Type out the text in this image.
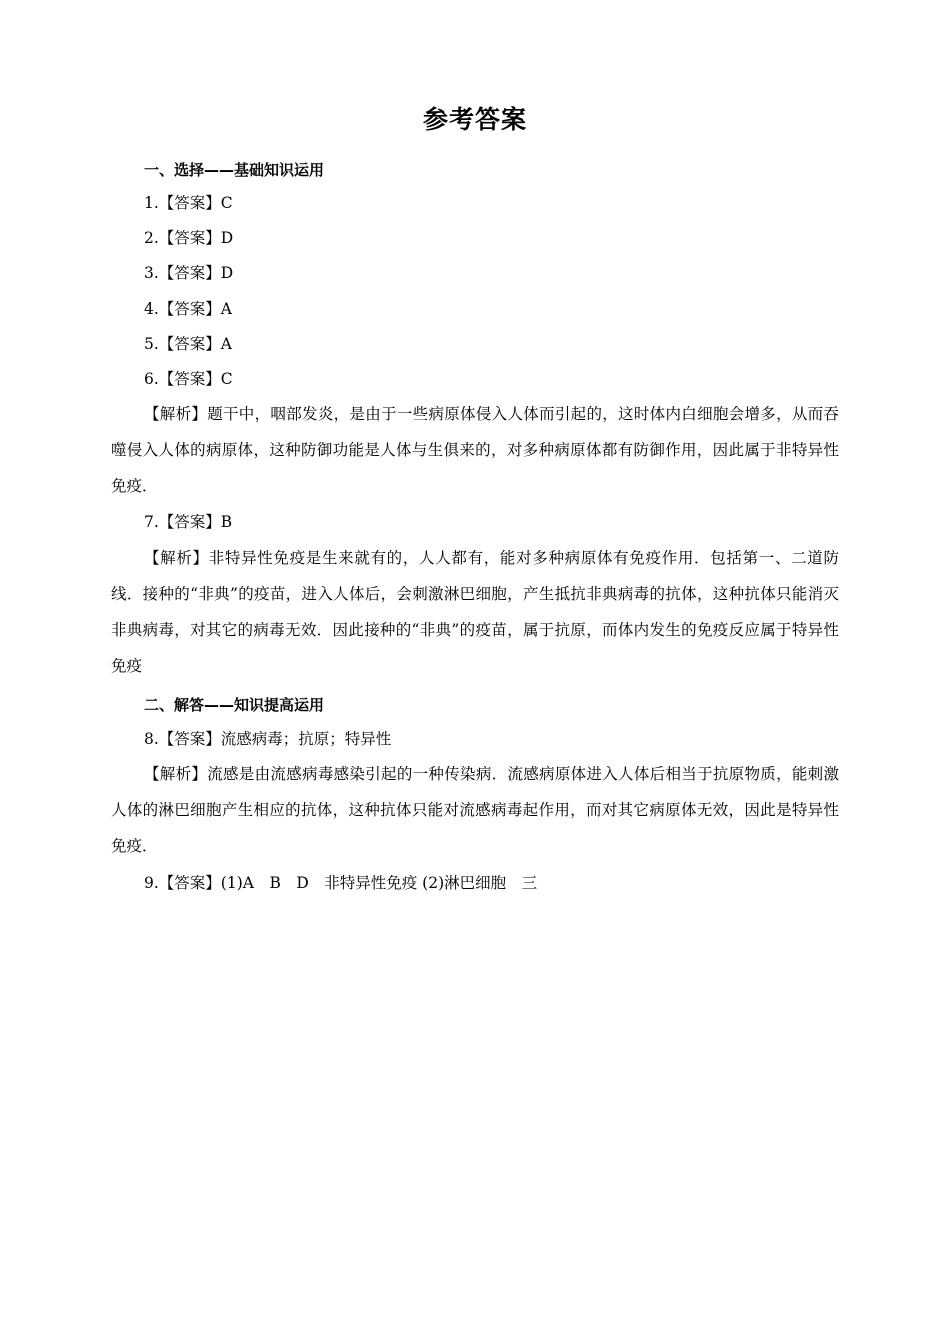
参考答案
一、选择——基础知识运用
1.【答案】C
2.【答案】D
3.【答案】D
4.【答案】A
5.【答案】A
6.【答案】C
【解析】题干中，咽部发炎，是由于一些病原体侵入人体而引起的，这时体内白细胞会增多，从而吞噬侵入人体的病原体，这种防御功能是人体与生俱来的，对多种病原体都有防御作用，因此属于非特异性免疫．
7.【答案】B
【解析】非特异性免疫是生来就有的，人人都有，能对多种病原体有免疫作用．包括第一、二道防线．接种的“非典”的疫苗，进入人体后，会刺激淋巴细胞，产生抵抗非典病毒的抗体，这种抗体只能消灭非典病毒，对其它的病毒无效．因此接种的“非典”的疫苗，属于抗原，而体内发生的免疫反应属于特异性免疫
二、解答——知识提高运用
8.【答案】流感病毒；抗原；特异性
【解析】流感是由流感病毒感染引起的一种传染病．流感病原体进入人体后相当于抗原物质，能刺激人体的淋巴细胞产生相应的抗体，这种抗体只能对流感病毒起作用，而对其它病原体无效，因此是特异性免疫．
9.【答案】(1)A　B　D　非特异性免疫 (2)淋巴细胞　三
